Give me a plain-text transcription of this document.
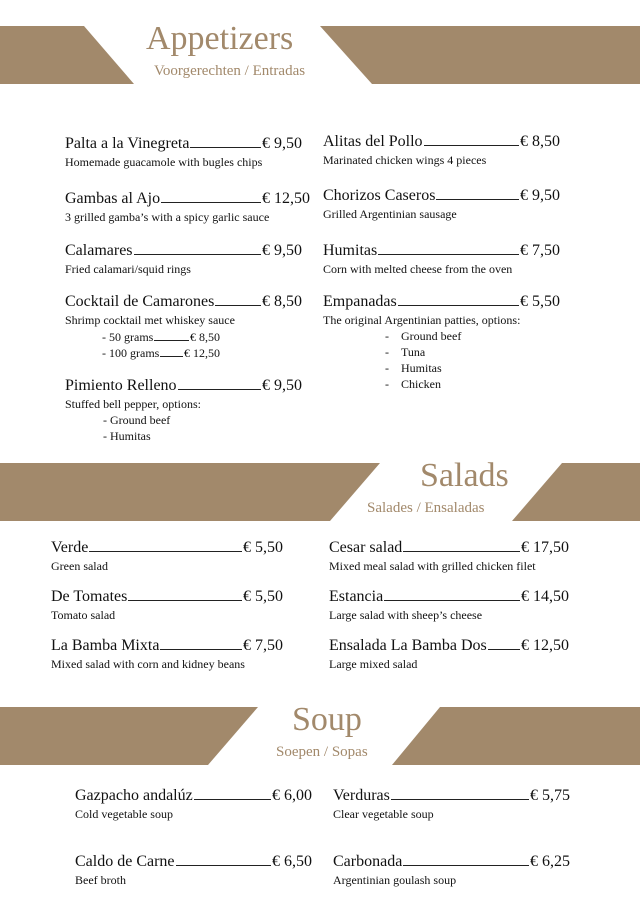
Appetizers
Voorgerechten / Entradas
Palta a la Vinegreta	€ 9,50
Homemade guacamole with bugles chips
Gambas al Ajo	€ 12,50
3 grilled gamba’s with a spicy garlic sauce
Calamares	€ 9,50
Fried calamari/squid rings
Cocktail de Camarones	€ 8,50
Shrimp cocktail met whiskey sauce
- 50 grams	€ 8,50
- 100 grams € 12,50
Pimiento Relleno	€ 9,50
Stuffed bell pepper, options:
- Ground beef
- Humitas
Alitas del Pollo	€ 8,50
Marinated chicken wings 4 pieces
Chorizos Caseros	€ 9,50
Grilled Argentinian sausage
Humitas	€ 7,50
Corn with melted cheese from the oven
Empanadas	€ 5,50
The original Argentinian patties, options:
- Ground beef
- Tuna
- Humitas
- Chicken
Salads
Salades / Ensaladas
Verde	€ 5,50
Green salad
De Tomates	€ 5,50
Tomato salad
La Bamba Mixta	€ 7,50
Mixed salad with corn and kidney beans
Cesar salad	€ 17,50
Mixed meal salad with grilled chicken filet
Estancia	€ 14,50
Large salad with sheep’s cheese
Ensalada La Bamba Dos € 12,50
Large mixed salad
Soup
Soepen / Sopas
Gazpacho andalúz	€ 6,00
Cold vegetable soup
Caldo de Carne	€ 6,50
Beef broth
Verduras	€ 5,75
Clear vegetable soup
Carbonada	€ 6,25
Argentinian goulash soup
